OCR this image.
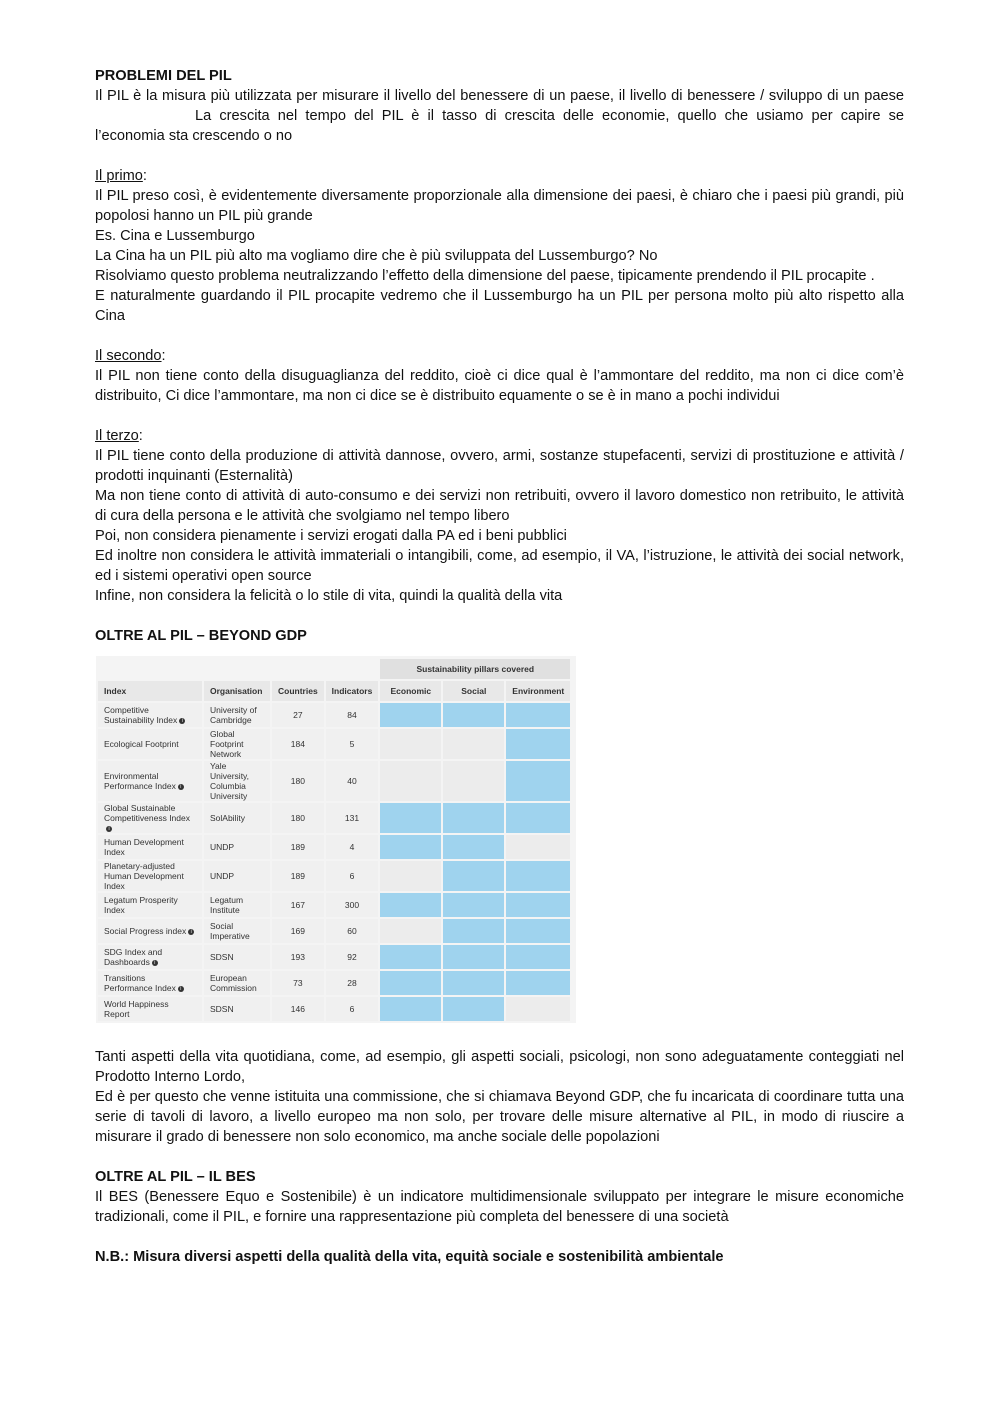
PROBLEMI DEL PIL

Il PIL è la misura più utilizzata per misurare il livello del benessere di un paese, il livello di benessere / sviluppo di un paeseLa crescita nel tempo del PIL è il tasso di crescita delle economie, quello che usiamo per capire se l’economia sta crescendo o no

Il primo:

Il PIL preso così, è evidentemente diversamente proporzionale alla dimensione dei paesi, è chiaro che i paesi più grandi, più popolosi hanno un PIL più grande

Es. Cina e Lussemburgo

La Cina ha un PIL più alto ma vogliamo dire che è più sviluppata del Lussemburgo? No

Risolviamo questo problema neutralizzando l’effetto della dimensione del paese, tipicamente prendendo il PIL procapite .

E naturalmente guardando il PIL procapite vedremo che il Lussemburgo ha un PIL per persona molto più alto rispetto alla Cina

Il secondo:

Il PIL non tiene conto della disuguaglianza del reddito, cioè ci dice qual è l’ammontare del reddito, ma non ci dice com’è distribuito, Ci dice l’ammontare, ma non ci dice se è distribuito equamente o se è in mano a pochi individui

Il terzo:

Il PIL tiene conto della produzione di attività dannose, ovvero, armi, sostanze stupefacenti, servizi di prostituzione e attività / prodotti inquinanti (Esternalità)

Ma non tiene conto di attività di auto-consumo e dei servizi non retribuiti, ovvero il lavoro domestico non retribuito, le attività di cura della persona e le attività che svolgiamo nel tempo libero

Poi, non considera pienamente i servizi erogati dalla PA ed i beni pubblici

Ed inoltre non considera le attività immateriali o intangibili, come, ad esempio, il VA, l’istruzione, le attività dei social network, ed i sistemi operativi open source

Infine, non considera la felicità o lo stile di vita, quindi la qualità della vita

OLTRE AL PIL – BEYOND GDP

				Sustainability pillars covered		
Index	Organisation	Countries	Indicators	Economic	Social	Environment
Competitive Sustainability Index i	University of Cambridge	27	84			
Ecological Footprint	Global Footprint Network	184	5			
Environmental Performance Index i	Yale University, Columbia University	180	40			
Global Sustainable Competitiveness Indexi	SolAbility	180	131			
Human Development Index	UNDP	189	4			
Planetary-adjusted Human Development Index	UNDP	189	6			
Legatum Prosperity Index	Legatum Institute	167	300			
Social Progress index i	Social Imperative	169	60			
SDG Index and Dashboards i	SDSN	193	92			
Transitions Performance Index i	European Commission	73	28			
World Happiness Report	SDSN	146	6			

Tanti aspetti della vita quotidiana, come, ad esempio, gli aspetti sociali, psicologi, non sono adeguatamente conteggiati nel Prodotto Interno Lordo,

Ed è per questo che venne istituita una commissione, che si chiamava Beyond GDP, che fu incaricata di coordinare tutta una serie di tavoli di lavoro, a livello europeo ma non solo, per trovare delle misure alternative al PIL, in modo di riuscire a misurare il grado di benessere non solo economico, ma anche sociale delle popolazioni

OLTRE AL PIL – IL BES

Il BES (Benessere Equo e Sostenibile) è un indicatore multidimensionale sviluppato per integrare le misure economiche tradizionali, come il PIL, e fornire una rappresentazione più completa del benessere di una società

N.B.: Misura diversi aspetti della qualità della vita, equità sociale e sostenibilità ambientale
